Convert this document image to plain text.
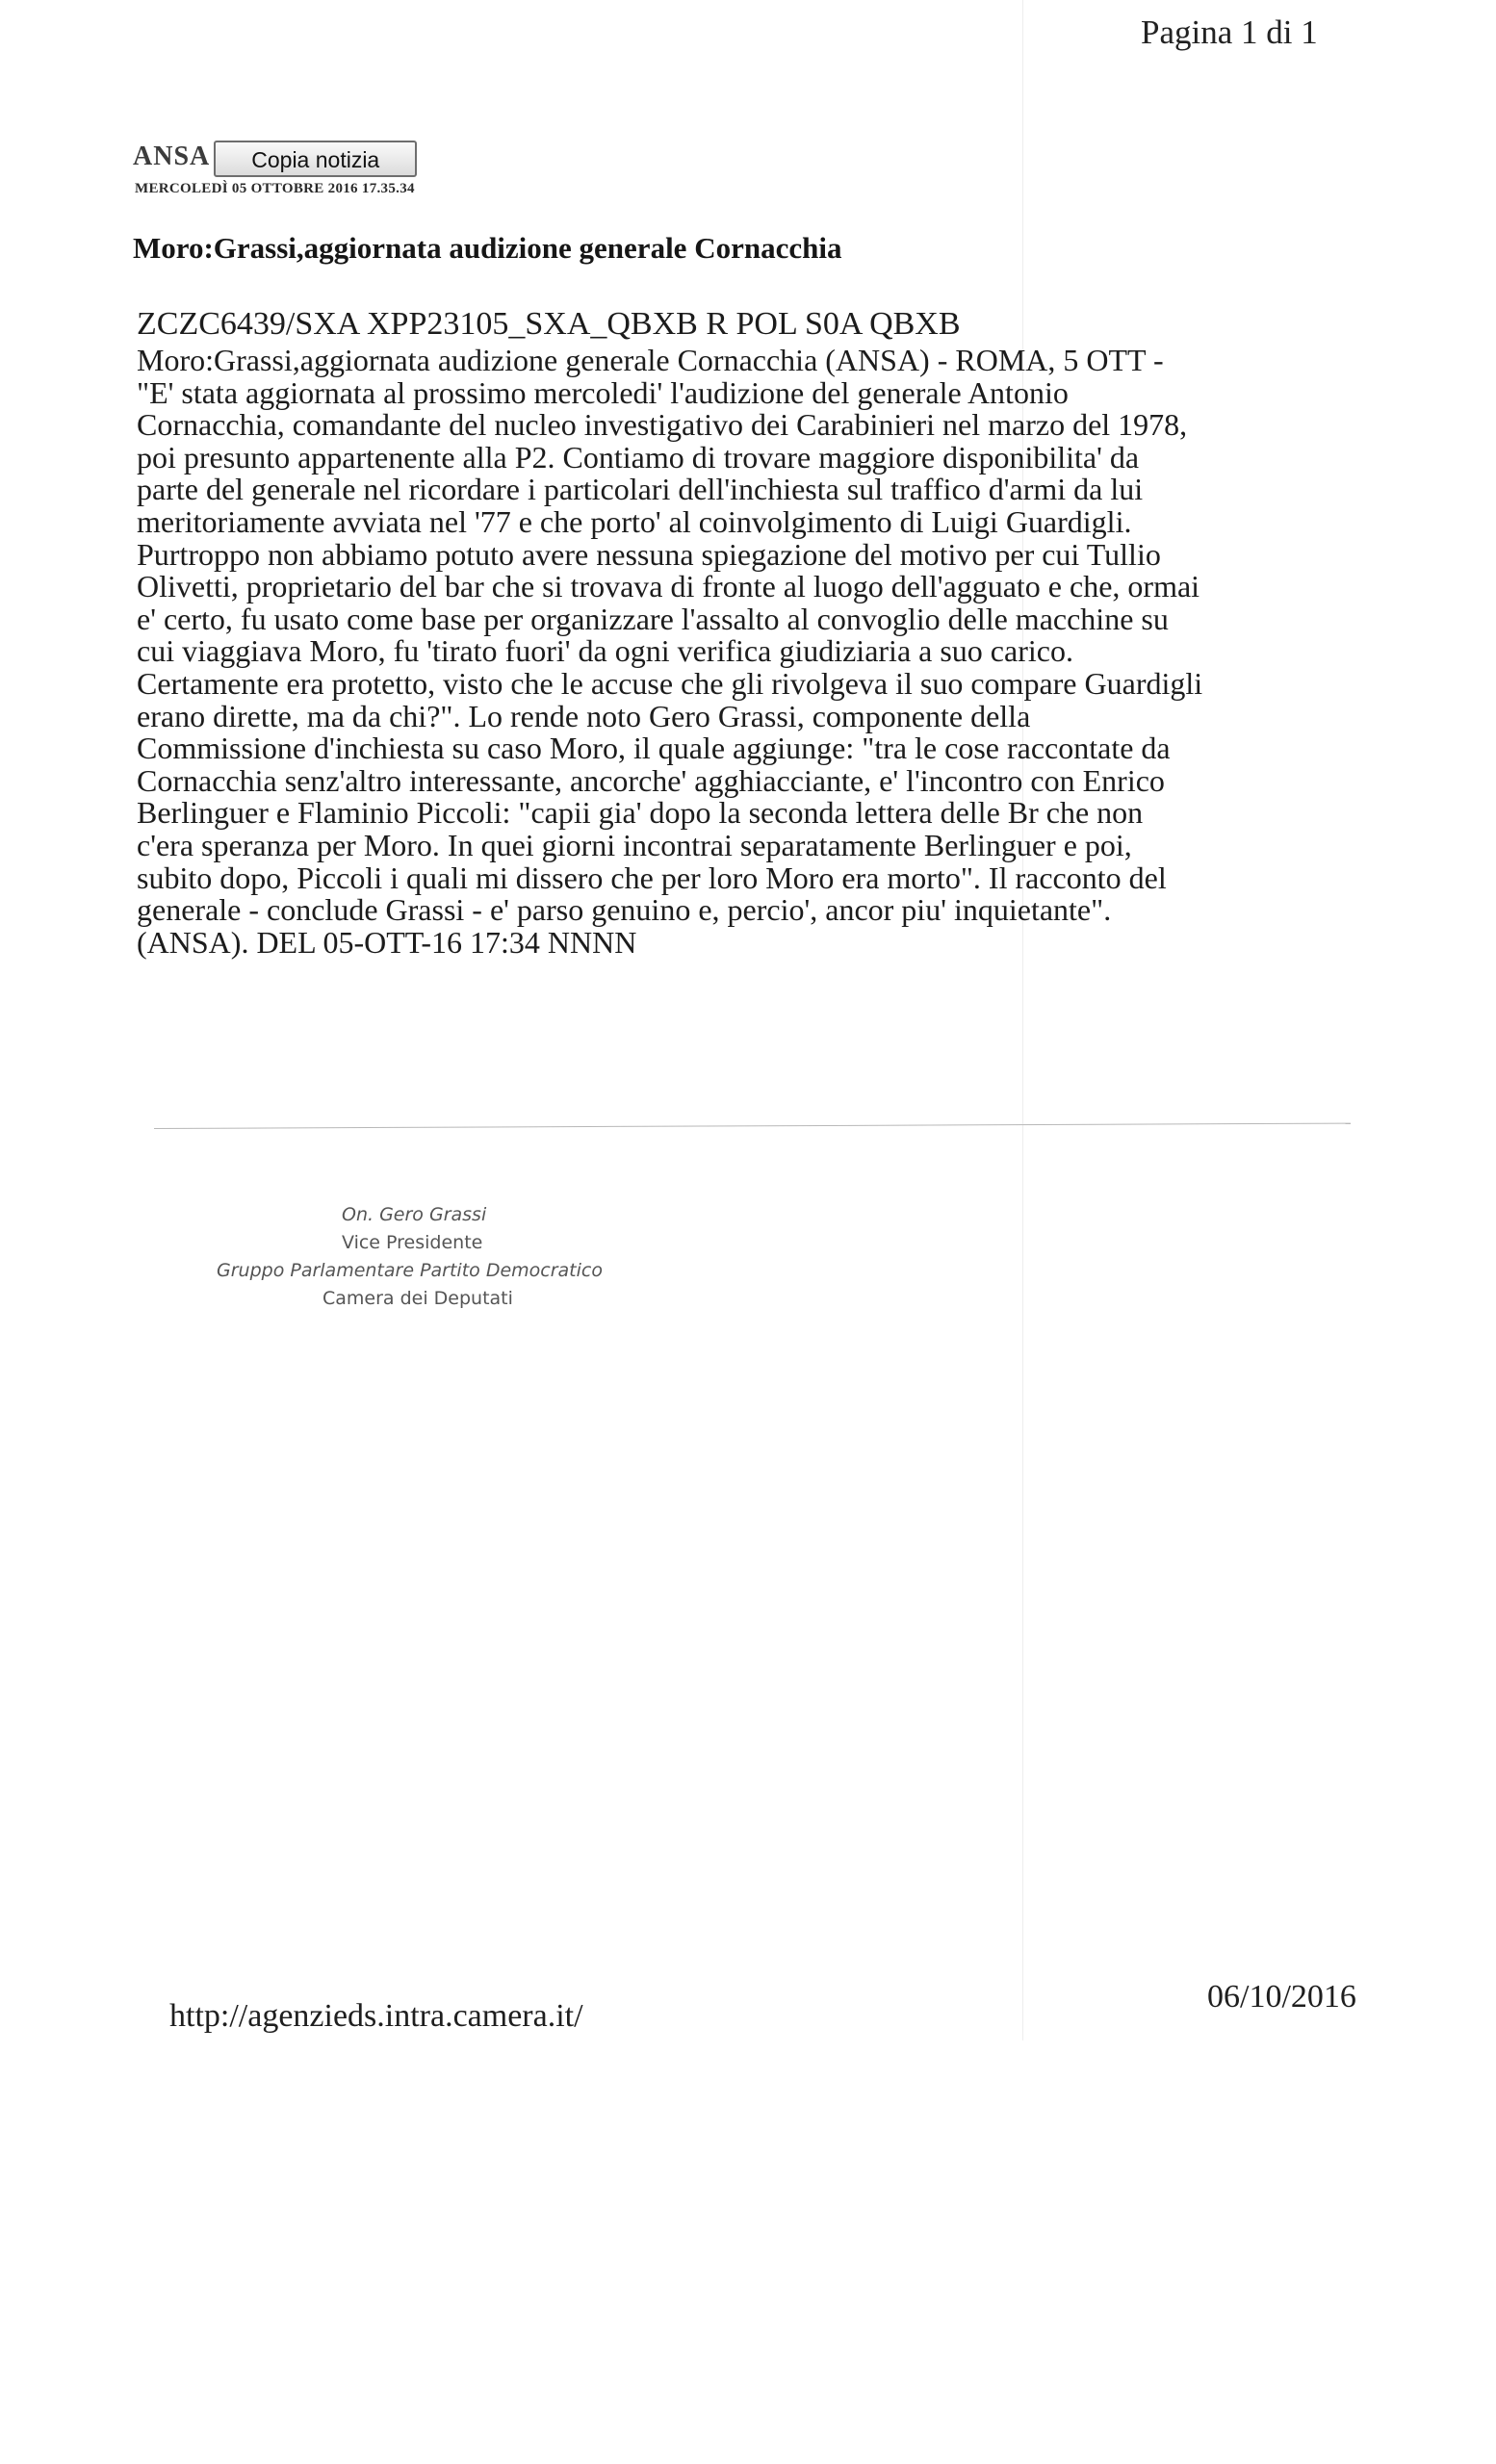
Pagina 1 di 1
ANSA	Copia notizia
MERCOLEDÌ 05 OTTOBRE 2016 17.35.34
Moro:Grassi,aggiornata audizione generale Cornacchia
ZCZC6439/SXA XPP23105_SXA_QBXB R POL S0A QBXB
Moro:Grassi,aggiornata audizione generale Cornacchia (ANSA) - ROMA, 5 OTT -
"E' stata aggiornata al prossimo mercoledi' l'audizione del generale Antonio
Cornacchia, comandante del nucleo investigativo dei Carabinieri nel marzo del 1978,
poi presunto appartenente alla P2. Contiamo di trovare maggiore disponibilita' da
parte del generale nel ricordare i particolari dell'inchiesta sul traffico d'armi da lui
meritoriamente avviata nel '77 e che porto' al coinvolgimento di Luigi Guardigli.
Purtroppo non abbiamo potuto avere nessuna spiegazione del motivo per cui Tullio
Olivetti, proprietario del bar che si trovava di fronte al luogo dell'agguato e che, ormai
e' certo, fu usato come base per organizzare l'assalto al convoglio delle macchine su
cui viaggiava Moro, fu 'tirato fuori' da ogni verifica giudiziaria a suo carico.
Certamente era protetto, visto che le accuse che gli rivolgeva il suo compare Guardigli
erano dirette, ma da chi?". Lo rende noto Gero Grassi, componente della
Commissione d'inchiesta su caso Moro, il quale aggiunge: "tra le cose raccontate da
Cornacchia senz'altro interessante, ancorche' agghiacciante, e' l'incontro con Enrico
Berlinguer e Flaminio Piccoli: "capii gia' dopo la seconda lettera delle Br che non
c'era speranza per Moro. In quei giorni incontrai separatamente Berlinguer e poi,
subito dopo, Piccoli i quali mi dissero che per loro Moro era morto". Il racconto del
generale - conclude Grassi - e' parso genuino e, percio', ancor piu' inquietante".
(ANSA). DEL 05-OTT-16 17:34 NNNN
On. Gero Grassi
Vice Presidente
Gruppo Parlamentare Partito Democratico
Camera dei Deputati
http://agenzieds.intra.camera.it/
06/10/2016
